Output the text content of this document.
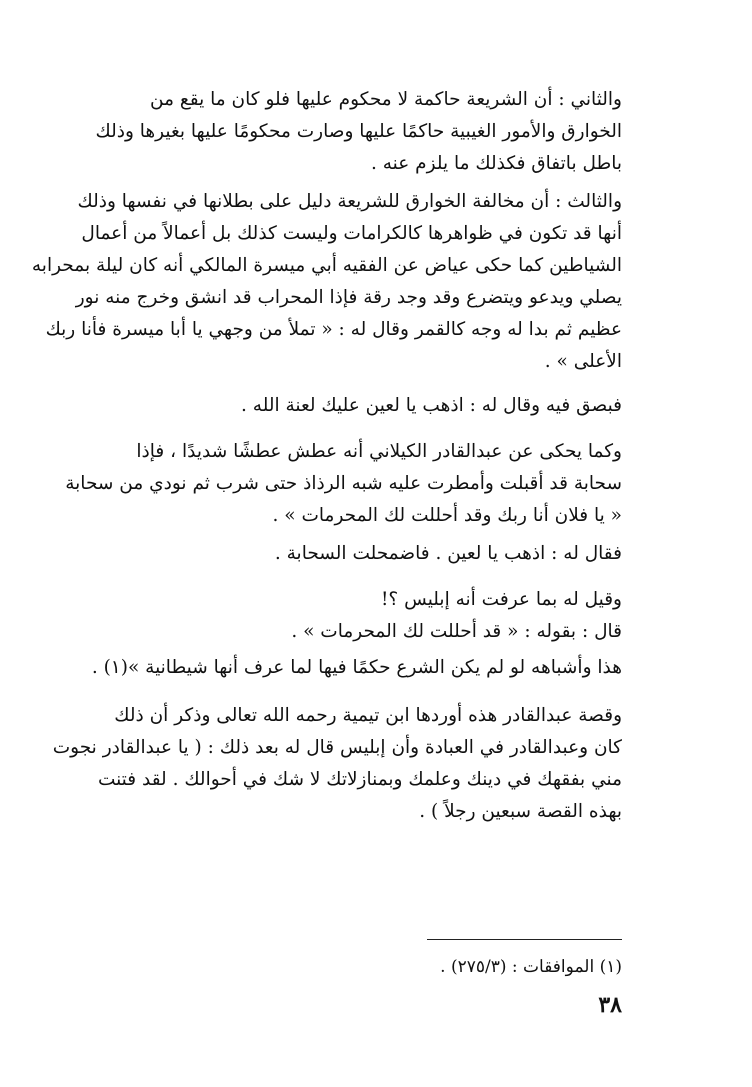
والثاني : أن الشريعة حاكمة لا محكوم عليها فلو كان ما يقع من
الخوارق والأمور الغيبية حاكمًا عليها وصارت محكومًا عليها بغيرها وذلك
باطل باتفاق فكذلك ما يلزم عنه .
والثالث : أن مخالفة الخوارق للشريعة دليل على بطلانها في نفسها وذلك
أنها قد تكون في ظواهرها كالكرامات وليست كذلك بل أعمالاً من أعمال
الشياطين كما حكى عياض عن الفقيه أبي ميسرة المالكي أنه كان ليلة بمحرابه
يصلي ويدعو ويتضرع وقد وجد رقة فإذا المحراب قد انشق وخرج منه نور
عظيم ثم بدا له وجه كالقمر وقال له : « تملأ من وجهي يا أبا ميسرة فأنا ربك
الأعلى » .
فبصق فيه وقال له : اذهب يا لعين عليك لعنة الله .
وكما يحكى عن عبدالقادر الكيلاني أنه عطش عطشًا شديدًا ، فإذا
سحابة قد أقبلت وأمطرت عليه شبه الرذاذ حتى شرب ثم نودي من سحابة
« يا فلان أنا ربك وقد أحللت لك المحرمات » .
فقال له : اذهب يا لعين . فاضمحلت السحابة .
وقيل له بما عرفت أنه إبليس ؟!
قال : بقوله : « قد أحللت لك المحرمات » .
هذا وأشباهه لو لم يكن الشرع حكمًا فيها لما عرف أنها شيطانية »(١) .
وقصة عبدالقادر هذه أوردها ابن تيمية رحمه الله تعالى وذكر أن ذلك
كان وعبدالقادر في العبادة وأن إبليس قال له بعد ذلك : ( يا عبدالقادر نجوت
مني بفقهك في دينك وعلمك وبمنازلاتك لا شك في أحوالك . لقد فتنت
بهذه القصة سبعين رجلاً ) .

(١) الموافقات : (٢٧٥/٣) .

٣٨
